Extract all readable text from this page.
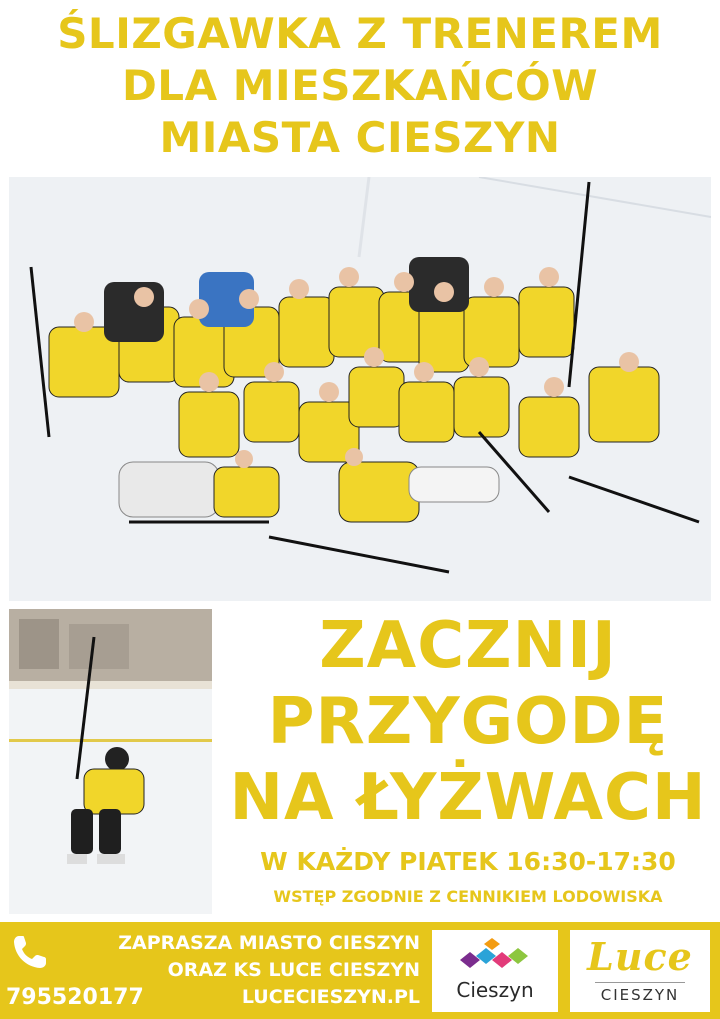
ŚLIZGAWKA Z TRENEREM
DLA MIESZKAŃCÓW
MIASTA CIESZYN
ZACZNIJ
PRZYGODĘ
NA ŁYŻWACH
W KAŻDY PIATEK 16:30-17:30
WSTĘP ZGODNIE Z CENNIKIEM LODOWISKA
795520177
ZAPRASZA MIASTO CIESZYN
ORAZ KS LUCE CIESZYN
LUCECIESZYN.PL	Cieszyn
Luce
CIESZYN
